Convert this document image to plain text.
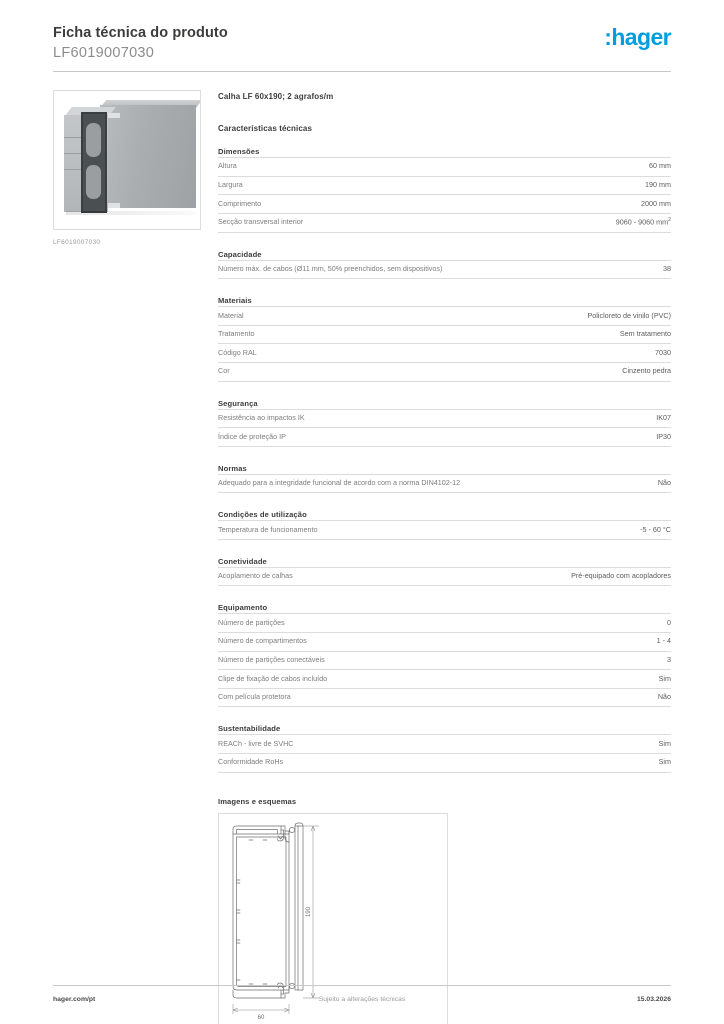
Ficha técnica do produto
LF6019007030
:hager
LF6019007030
Calha LF 60x190; 2 agrafos/m
Características técnicas
Dimensões
Altura	60 mm
Largura	190 mm
Comprimento	2000 mm
Secção transversal interior	9060 - 9060 $mm^2$
Capacidade
Número máx. de cabos (Ø11 mm, 50% preenchidos, sem dispositivos)	38
Materiais
Material	Policloreto de vinilo (PVC)
Tratamento	Sem tratamento
Código RAL	7030
Cor	Cinzento pedra
Segurança
Resistência ao impactos IK	IK07
Índice de proteção IP	IP30
Normas
Adequado para a integridade funcional de acordo com a norma DIN4102-12	Não
Condições de utilização
Temperatura de funcionamento	-5 - 60 °C
Conetividade
Acoplamento de calhas	Pré-equipado com acopladores
Equipamento
Número de partições	0
Número de compartimentos	1 - 4
Número de partições conectáveis	3
Clipe de fixação de cabos incluído	Sim
Com película protetora	Não
Sustentabilidade
REACh - livre de SVHC	Sim
Conformidade RoHs	Sim
Imagens e esquemas
60
190
hager.com/pt	Sujeito a alterações técnicas	15.03.2026
